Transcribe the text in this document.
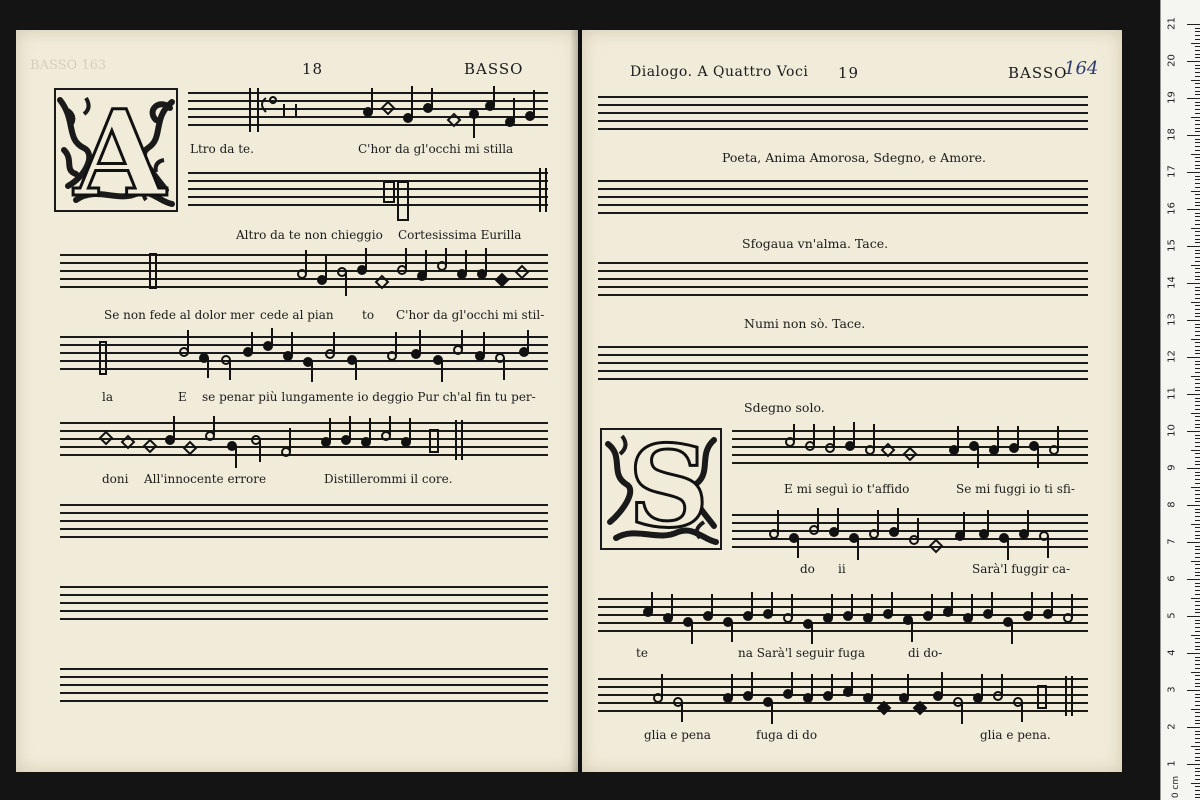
BASSO 163	18	BASSO
A Ltro da te.	C'hor da gl'occhi mi stilla
Altro da te non chieggio Cortesissima Eurilla
Se non fede al dolor mer cede al pian to C'hor da gl'occhi mi stil-
la	E se penar più lungamente io deggio Pur ch'al fin tu per-
doni All'innocente errore	Distillerommi il core.
Dialogo. A Quattro Voci 19	BASSO
164
Poeta, Anima Amorosa, Sdegno, e Amore.
Sfogaua vn'alma. Tace.
Numi non sò. Tace.
Sdegno solo.
S	E mi seguì io t'affido	Se mi fuggi io ti sfi-
do ii	Sarà'l fuggir ca-
te	na Sarà'l seguir fuga	di do-
glia e pena	fuga di do	glia e pena.
21
20
19
18
17
16
15
14
13
12
11
10
9
8
7
6
5
4
3
2
1
0 cm
